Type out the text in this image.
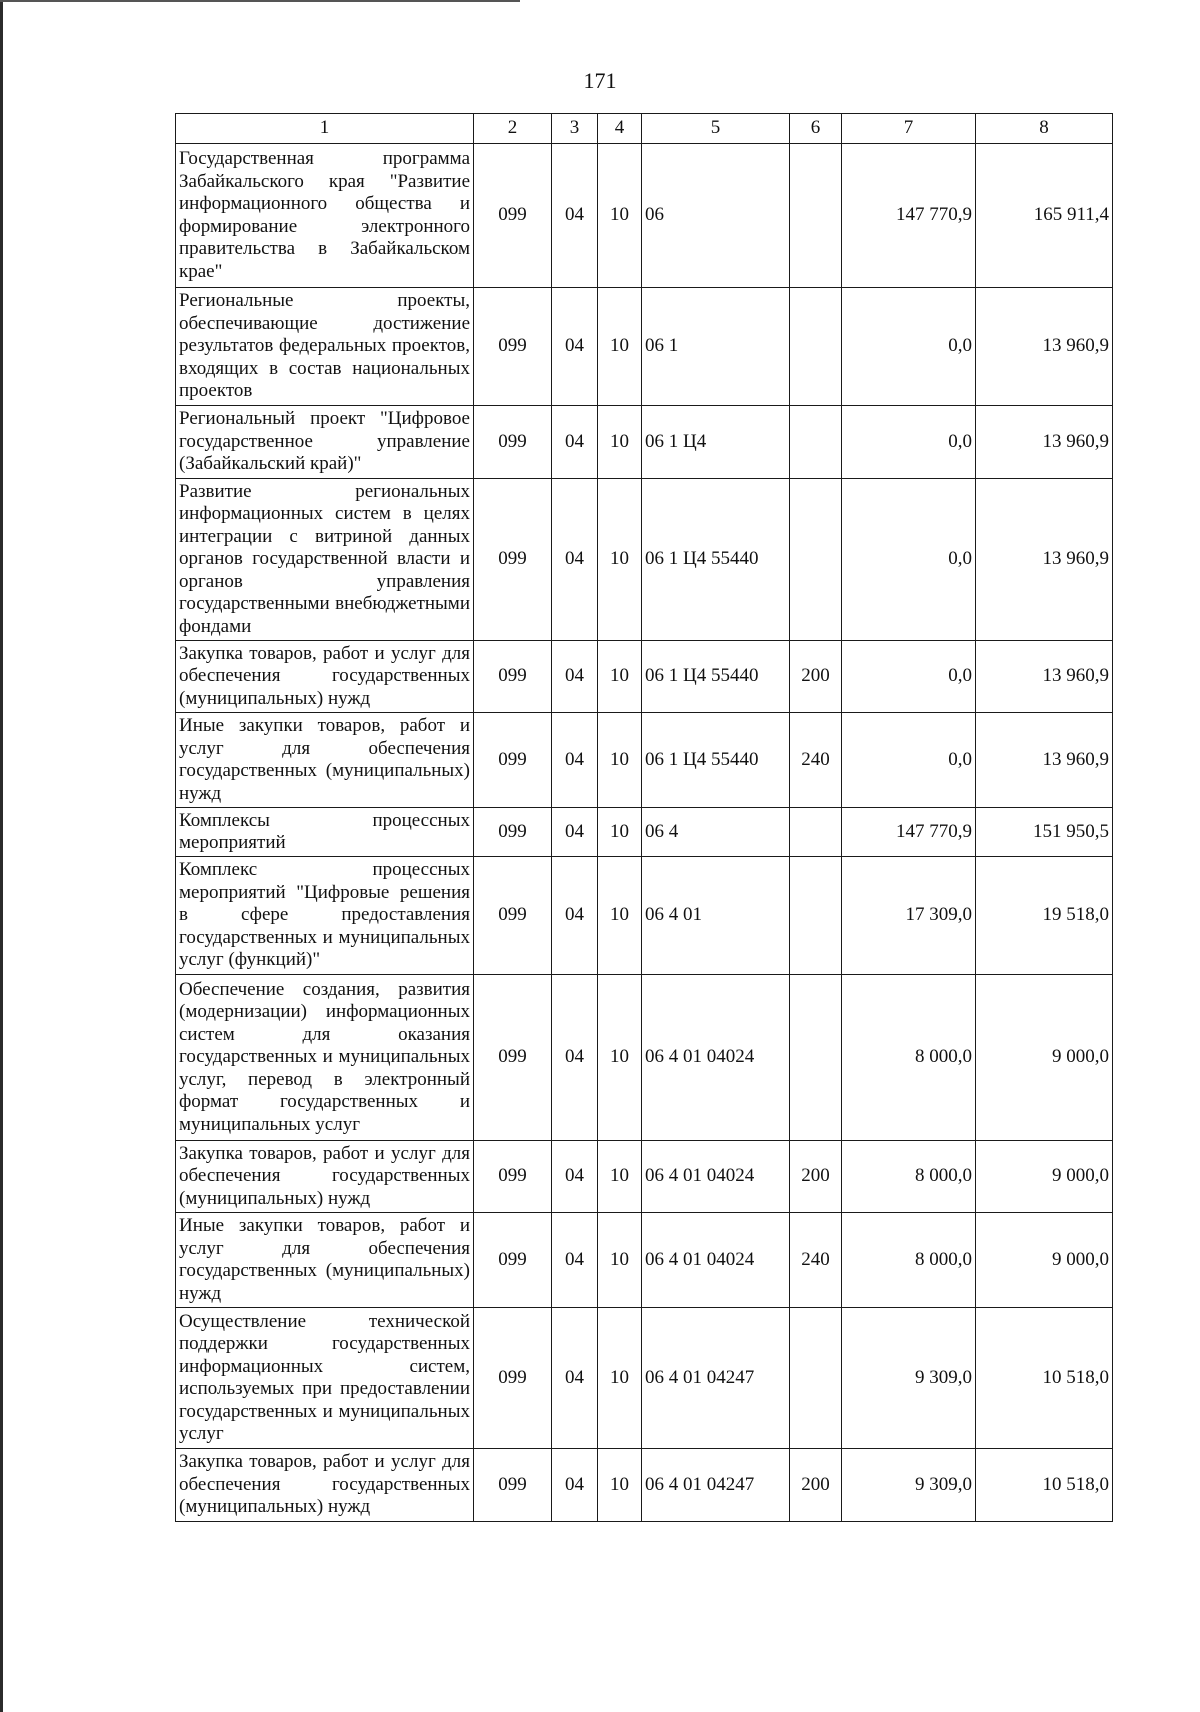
171
1	2	3	4	5	6	7	8
Государственная программа Забайкальского края "Развитие информационного общества и формирование электронного правительства в Забайкальском крае"	099	04	10	06		147 770,9	165 911,4
Региональные проекты, обеспечивающие достижение результатов федеральных проектов, входящих в состав национальных проектов	099	04	10	06 1		0,0	13 960,9
Региональный проект "Цифровое государственное управление (Забайкальский край)"	099	04	10	06 1 Ц4		0,0	13 960,9
Развитие региональных информационных систем в целях интеграции с витриной данных органов государственной власти и органов управления государственными внебюджетными фондами	099	04	10	06 1 Ц4 55440		0,0	13 960,9
Закупка товаров, работ и услуг для обеспечения государственных (муниципальных) нужд	099	04	10	06 1 Ц4 55440	200	0,0	13 960,9
Иные закупки товаров, работ и услуг для обеспечения государственных (муниципальных) нужд	099	04	10	06 1 Ц4 55440	240	0,0	13 960,9
Комплексы процессных мероприятий	099	04	10	06 4		147 770,9	151 950,5
Комплекс процессных мероприятий "Цифровые решения в сфере предоставления государственных и муниципальных услуг (функций)"	099	04	10	06 4 01		17 309,0	19 518,0
Обеспечение создания, развития (модернизации) информационных систем для оказания государственных и муниципальных услуг, перевод в электронный формат государственных и муниципальных услуг	099	04	10	06 4 01 04024		8 000,0	9 000,0
Закупка товаров, работ и услуг для обеспечения государственных (муниципальных) нужд	099	04	10	06 4 01 04024	200	8 000,0	9 000,0
Иные закупки товаров, работ и услуг для обеспечения государственных (муниципальных) нужд	099	04	10	06 4 01 04024	240	8 000,0	9 000,0
Осуществление технической поддержки государственных информационных систем, используемых при предоставлении государственных и муниципальных услуг	099	04	10	06 4 01 04247		9 309,0	10 518,0
Закупка товаров, работ и услуг для обеспечения государственных (муниципальных) нужд	099	04	10	06 4 01 04247	200	9 309,0	10 518,0
